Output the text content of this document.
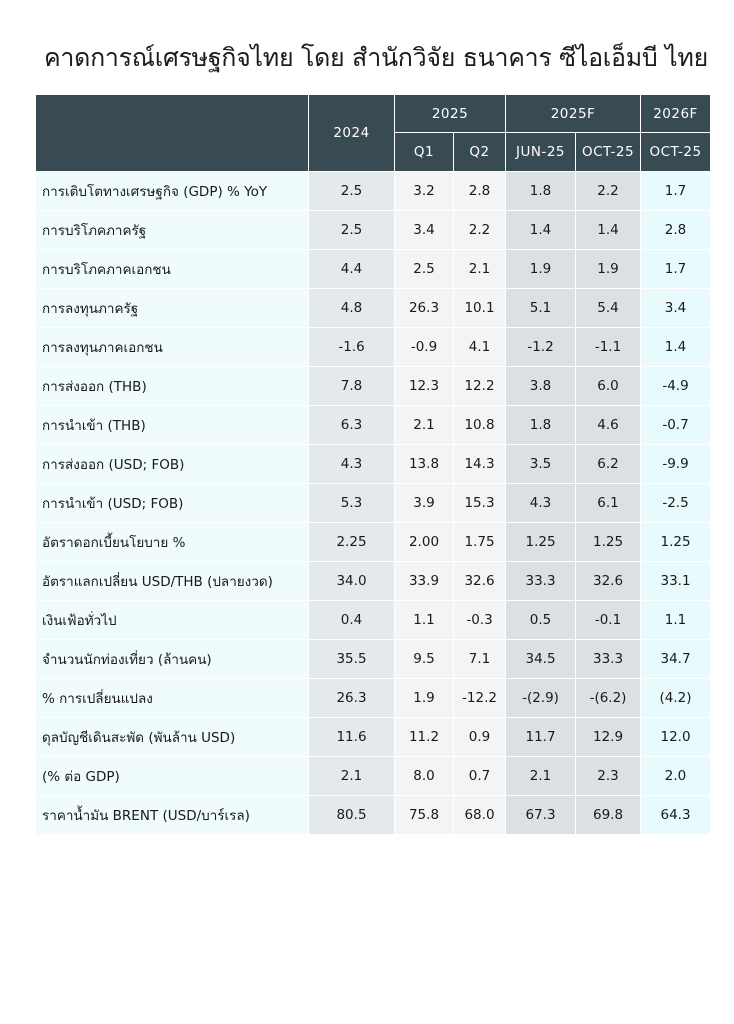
คาดการณ์เศรษฐกิจไทย โดย สำนักวิจัย ธนาคาร ซีไอเอ็มบี ไทย
	2024	2025		2025F		2026F
		Q1	Q2	JUN-25	OCT-25	OCT-25
การเติบโตทางเศรษฐกิจ (GDP) % YoY	2.5	3.2	2.8	1.8	2.2	1.7
การบริโภคภาครัฐ	2.5	3.4	2.2	1.4	1.4	2.8
การบริโภคภาคเอกชน	4.4	2.5	2.1	1.9	1.9	1.7
การลงทุนภาครัฐ	4.8	26.3	10.1	5.1	5.4	3.4
การลงทุนภาคเอกชน	-1.6	-0.9	4.1	-1.2	-1.1	1.4
การส่งออก (THB)	7.8	12.3	12.2	3.8	6.0	-4.9
การนำเข้า (THB)	6.3	2.1	10.8	1.8	4.6	-0.7
การส่งออก (USD; FOB)	4.3	13.8	14.3	3.5	6.2	-9.9
การนำเข้า (USD; FOB)	5.3	3.9	15.3	4.3	6.1	-2.5
อัตราดอกเบี้ยนโยบาย %	2.25	2.00	1.75	1.25	1.25	1.25
อัตราแลกเปลี่ยน USD/THB (ปลายงวด)	34.0	33.9	32.6	33.3	32.6	33.1
เงินเฟ้อทั่วไป	0.4	1.1	-0.3	0.5	-0.1	1.1
จำนวนนักท่องเที่ยว (ล้านคน)	35.5	9.5	7.1	34.5	33.3	34.7
% การเปลี่ยนแปลง	26.3	1.9	-12.2	-(2.9)	-(6.2)	(4.2)
ดุลบัญชีเดินสะพัด (พันล้าน USD)	11.6	11.2	0.9	11.7	12.9	12.0
(% ต่อ GDP)	2.1	8.0	0.7	2.1	2.3	2.0
ราคาน้ำมัน BRENT (USD/บาร์เรล)	80.5	75.8	68.0	67.3	69.8	64.3
